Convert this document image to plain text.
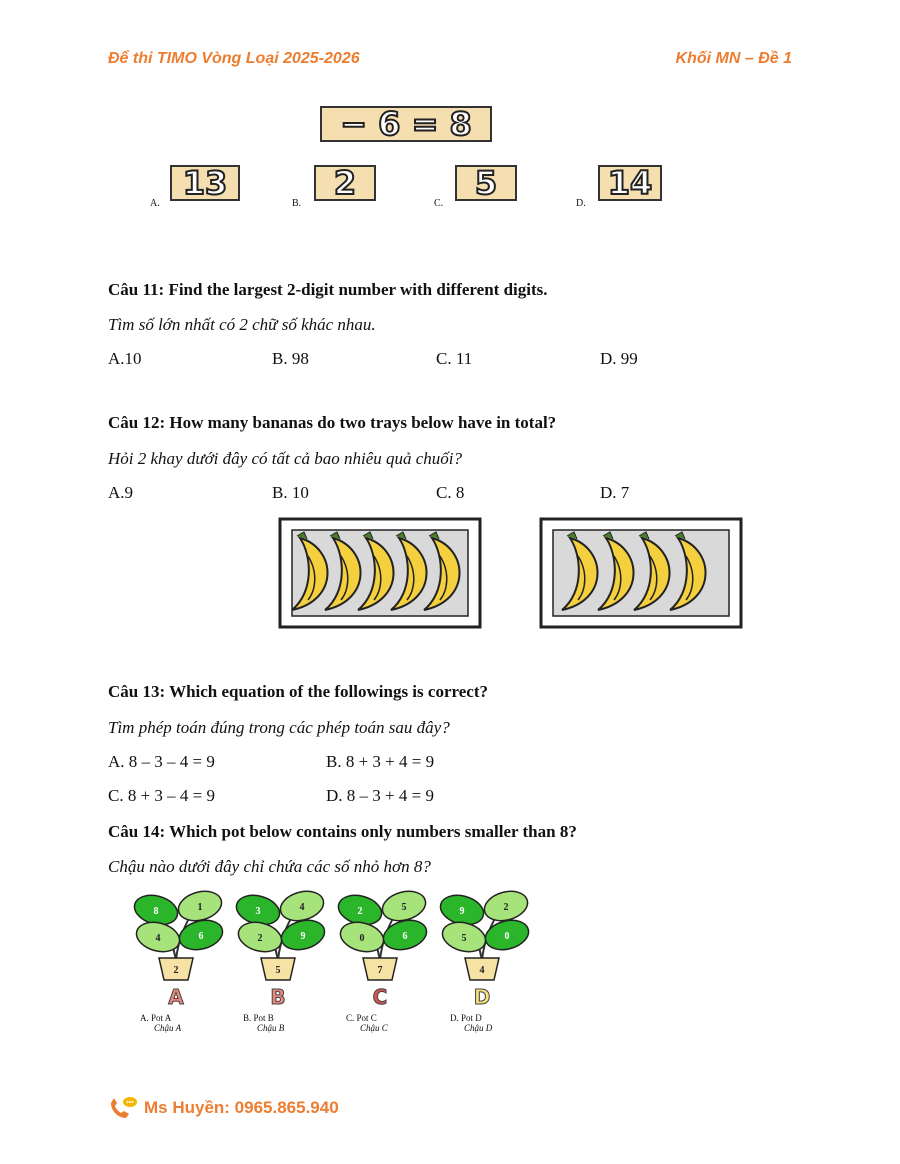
Để thi TIMO Vòng Loại 2025-2026	Khối MN – Đề 1
− 6 = 8
A.
13
B.
2
C.
5
D.
14
Câu 11: Find the largest 2-digit number with different digits.
Tìm số lớn nhất có 2 chữ số khác nhau.
A.10	B. 98	C. 11	D. 99
Câu 12: How many bananas do two trays below have in total?
Hỏi 2 khay dưới đây có tất cả bao nhiêu quả chuối?
A.9	B. 10	C. 8	D. 7
Câu 13: Which equation of the followings is correct?
Tìm phép toán đúng trong các phép toán sau đây?
A. 8 – 3 – 4 = 9	B. 8 + 3 + 4 = 9
C. 8 + 3 – 4 = 9	D. 8 – 3 + 4 = 9
Câu 14: Which pot below contains only numbers smaller than 8?
Chậu nào dưới đây chỉ chứa các số nhỏ hơn 8?
8	1
4	6
2
A
3	4
2	9
5
B
2	5
0	6
7
C
9	2
5	0
4
D
A. Pot A
Chậu A
B. Pot B
Chậu B
C. Pot C
Chậu C
D. Pot D
Chậu D
Ms Huyền: 0965.865.940
